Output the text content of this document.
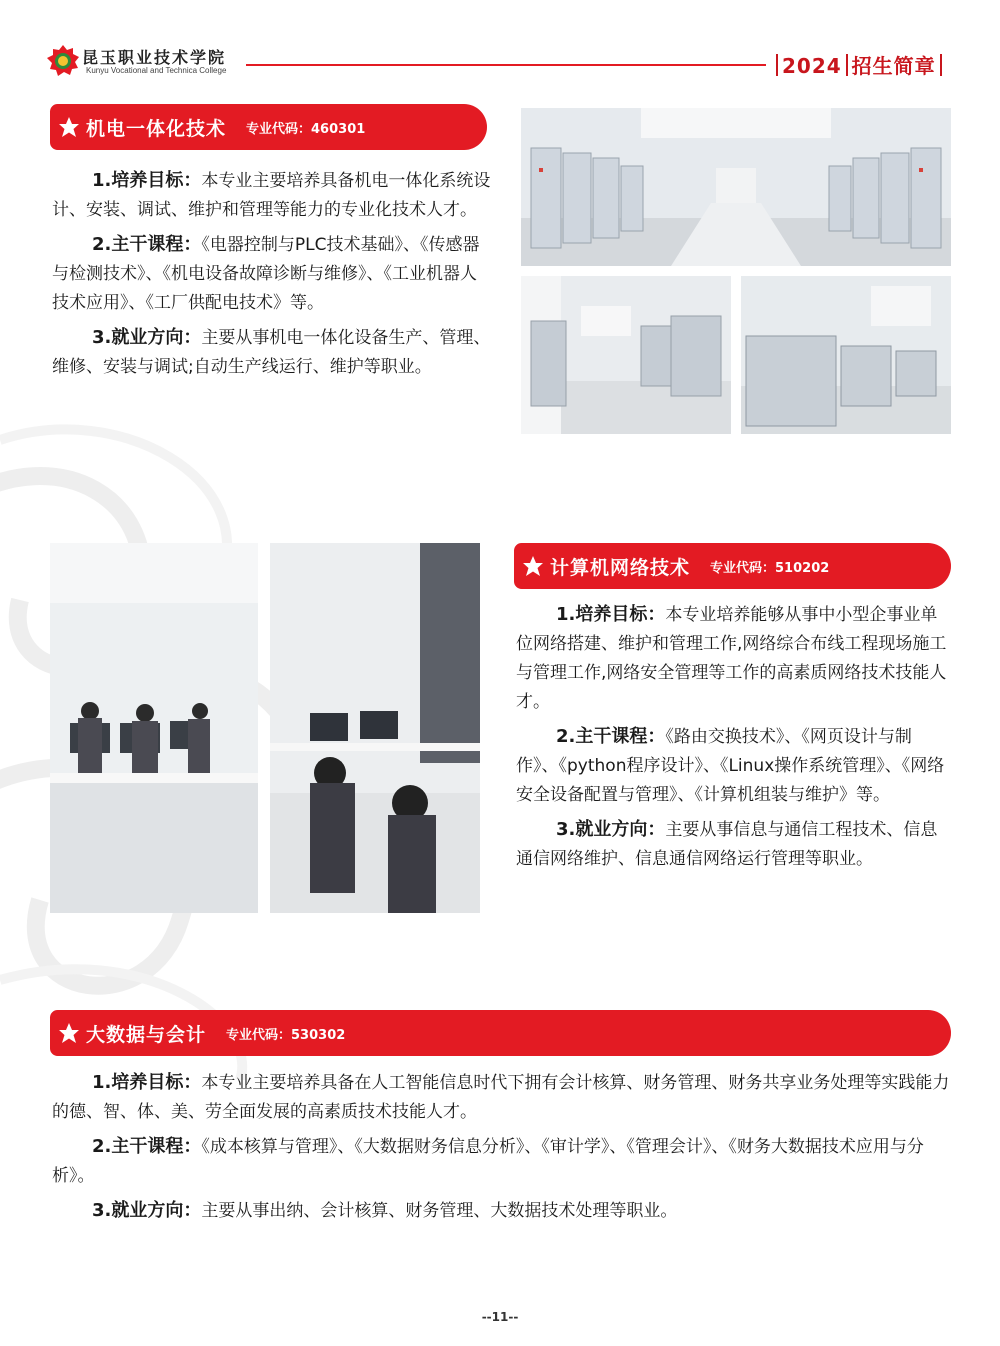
昆玉职业技术学院
Kunyu Vocational and Technica College	2024 招生简章
机电一体化技术 专业代码：460301

1.培养目标：本专业主要培养具备机电一体化系统设计、安装、调试、维护和管理等能力的专业化技术人才。

2.主干课程：《电器控制与PLC技术基础》、《传感器与检测技术》、《机电设备故障诊断与维修》、《工业机器人技术应用》、《工厂供配电技术》等。

3.就业方向：主要从事机电一体化设备生产、管理、维修、安装与调试;自动生产线运行、维护等职业。

计算机网络技术 专业代码：510202

1.培养目标：本专业培养能够从事中小型企事业单位网络搭建、维护和管理工作,网络综合布线工程现场施工与管理工作,网络安全管理等工作的高素质网络技术技能人才。

2.主干课程：《路由交换技术》、《网页设计与制作》、《python程序设计》、《Linux操作系统管理》、《网络安全设备配置与管理》、《计算机组装与维护》等。

3.就业方向：主要从事信息与通信工程技术、信息通信网络维护、信息通信网络运行管理等职业。

大数据与会计 专业代码：530302

1.培养目标：本专业主要培养具备在人工智能信息时代下拥有会计核算、财务管理、财务共享业务处理等实践能力的德、智、体、美、劳全面发展的高素质技术技能人才。

2.主干课程：《成本核算与管理》、《大数据财务信息分析》、《审计学》、《管理会计》、《财务大数据技术应用与分析》。

3.就业方向：主要从事出纳、会计核算、财务管理、大数据技术处理等职业。

--11--
